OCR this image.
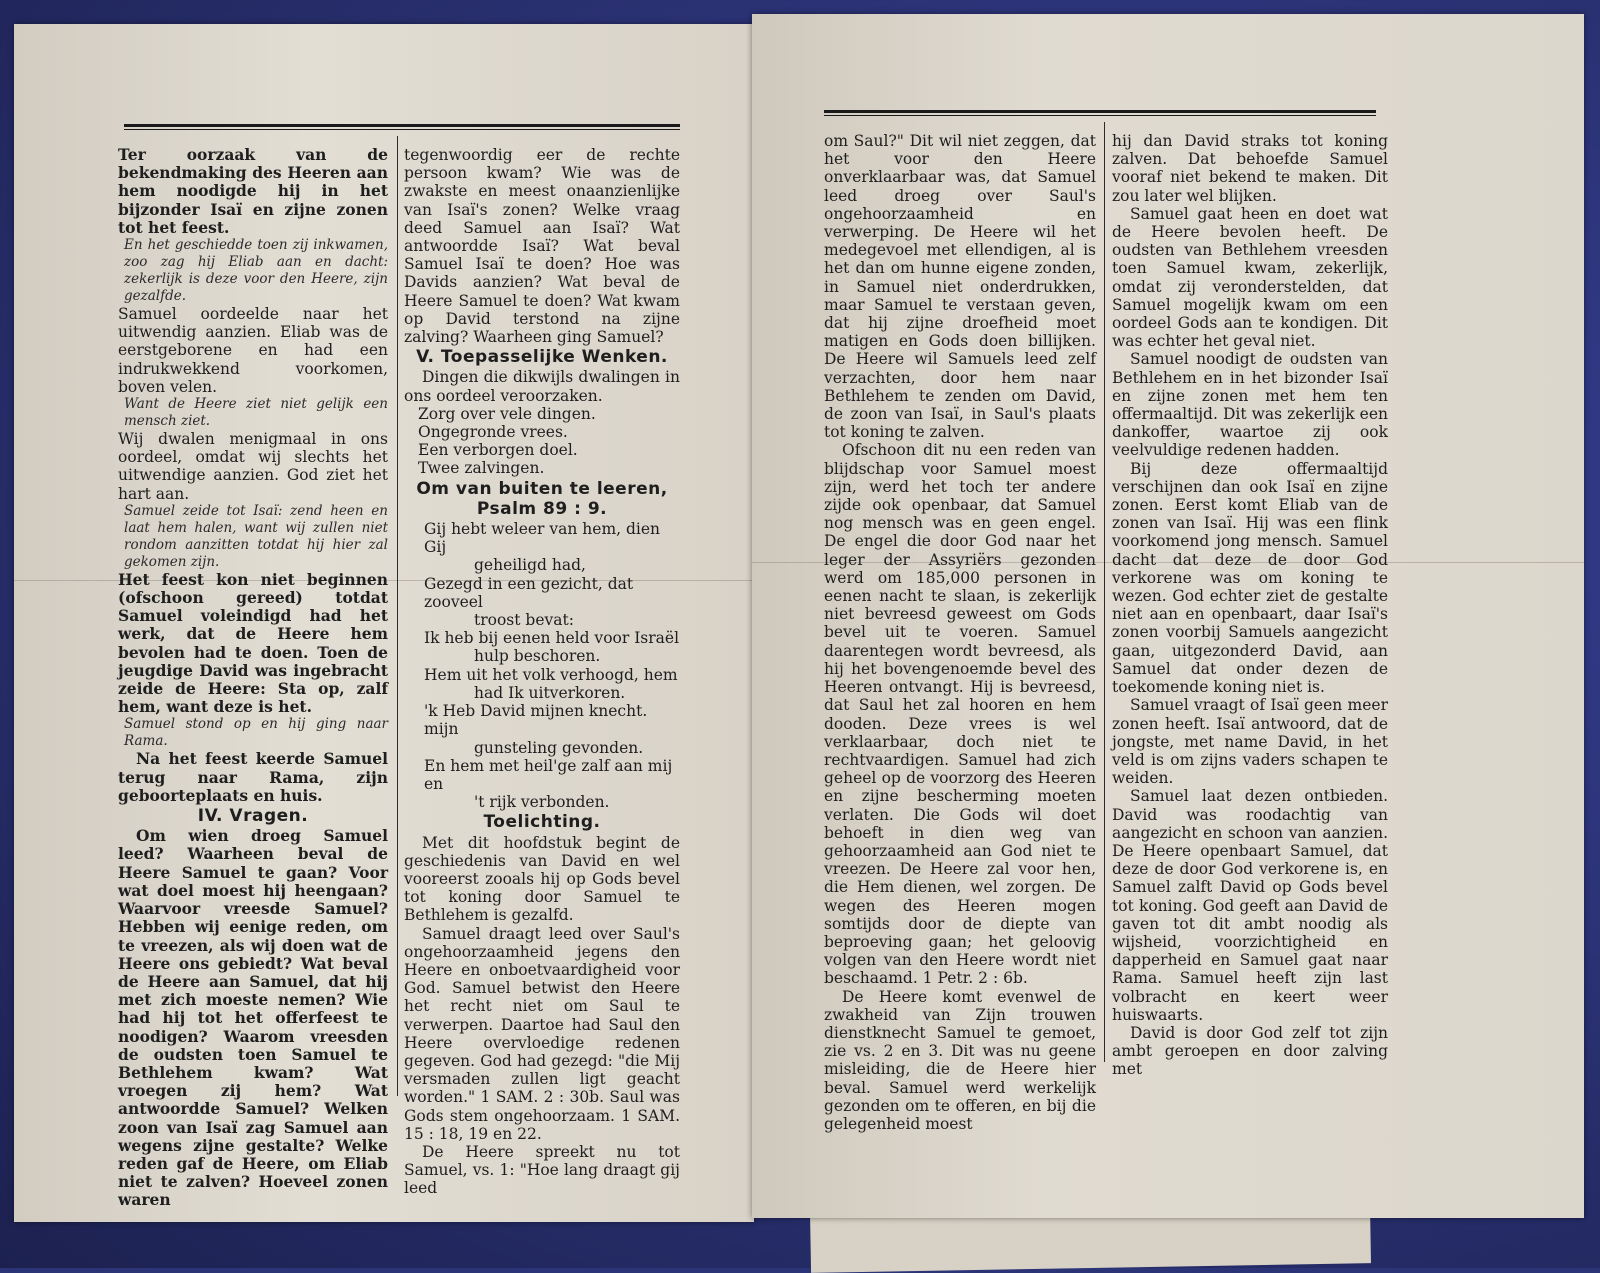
Ter oorzaak van de bekendmaking des Heeren aan hem noodigde hij in het bijzonder Isaï en zijne zonen tot het feest.

En het geschiedde toen zij inkwamen, zoo zag hij Eliab aan en dacht: zekerlijk is deze voor den Heere, zijn gezalfde.

Samuel oordeelde naar het uitwendig aanzien. Eliab was de eerstgeborene en had een indrukwekkend voorkomen, boven velen.

Want de Heere ziet niet gelijk een mensch ziet.

Wij dwalen menigmaal in ons oordeel, omdat wij slechts het uitwendige aanzien. God ziet het hart aan.

Samuel zeide tot Isaï: zend heen en laat hem halen, want wij zullen niet rondom aanzitten totdat hij hier zal gekomen zijn.

Het feest kon niet beginnen (ofschoon gereed) totdat Samuel voleindigd had het werk, dat de Heere hem bevolen had te doen. Toen de jeugdige David was ingebracht zeide de Heere: Sta op, zalf hem, want deze is het.

Samuel stond op en hij ging naar Rama.

Na het feest keerde Samuel terug naar Rama, zijn geboorteplaats en huis.

IV. Vragen.

Om wien droeg Samuel leed? Waarheen beval de Heere Samuel te gaan? Voor wat doel moest hij heengaan? Waarvoor vreesde Samuel? Hebben wij eenige reden, om te vreezen, als wij doen wat de Heere ons gebiedt? Wat beval de Heere aan Samuel, dat hij met zich moeste nemen? Wie had hij tot het offerfeest te noodigen? Waarom vreesden de oudsten toen Samuel te Bethlehem kwam? Wat vroegen zij hem? Wat antwoordde Samuel? Welken zoon van Isaï zag Samuel aan wegens zijne gestalte? Welke reden gaf de Heere, om Eliab niet te zalven? Hoeveel zonen waren

tegenwoordig eer de rechte persoon kwam? Wie was de zwakste en meest onaanzienlijke van Isaï's zonen? Welke vraag deed Samuel aan Isaï? Wat antwoordde Isaï? Wat beval Samuel Isaï te doen? Hoe was Davids aanzien? Wat beval de Heere Samuel te doen? Wat kwam op David terstond na zijne zalving? Waarheen ging Samuel?

V. Toepasselijke Wenken.

Dingen die dikwijls dwalingen in ons oordeel veroorzaken.

Zorg over vele dingen.
Ongegronde vrees.
Een verborgen doel.
Twee zalvingen.
Om van buiten te leeren,
Psalm 89 : 9.
Gij hebt weleer van hem, dien Gij
geheiligd had,
Gezegd in een gezicht, dat zooveel
troost bevat:
Ik heb bij eenen held voor Israël
hulp beschoren.
Hem uit het volk verhoogd, hem
had Ik uitverkoren.
'k Heb David mijnen knecht. mijn
gunsteling gevonden.
En hem met heil'ge zalf aan mij en
't rijk verbonden.
Toelichting.

Met dit hoofdstuk begint de geschiedenis van David en wel vooreerst zooals hij op Gods bevel tot koning door Samuel te Bethlehem is gezalfd.

Samuel draagt leed over Saul's ongehoorzaamheid jegens den Heere en onboetvaardigheid voor God. Samuel betwist den Heere het recht niet om Saul te verwerpen. Daartoe had Saul den Heere overvloedige redenen gegeven. God had gezegd: "die Mij versmaden zullen ligt geacht worden." 1 SAM. 2 : 30b. Saul was Gods stem ongehoorzaam. 1 SAM. 15 : 18, 19 en 22.

De Heere spreekt nu tot Samuel, vs. 1: "Hoe lang draagt gij leed

om Saul?" Dit wil niet zeggen, dat het voor den Heere onverklaarbaar was, dat Samuel leed droeg over Saul's ongehoorzaamheid en verwerping. De Heere wil het medegevoel met ellendigen, al is het dan om hunne eigene zonden, in Samuel niet onderdrukken, maar Samuel te verstaan geven, dat hij zijne droefheid moet matigen en Gods doen billijken. De Heere wil Samuels leed zelf verzachten, door hem naar Bethlehem te zenden om David, de zoon van Isaï, in Saul's plaats tot koning te zalven.

Ofschoon dit nu een reden van blijdschap voor Samuel moest zijn, werd het toch ter andere zijde ook openbaar, dat Samuel nog mensch was en geen engel. De engel die door God naar het leger der Assyriërs gezonden werd om 185,000 personen in eenen nacht te slaan, is zekerlijk niet bevreesd geweest om Gods bevel uit te voeren. Samuel daarentegen wordt bevreesd, als hij het bovengenoemde bevel des Heeren ontvangt. Hij is bevreesd, dat Saul het zal hooren en hem dooden. Deze vrees is wel verklaarbaar, doch niet te rechtvaardigen. Samuel had zich geheel op de voorzorg des Heeren en zijne bescherming moeten verlaten. Die Gods wil doet behoeft in dien weg van gehoorzaamheid aan God niet te vreezen. De Heere zal voor hen, die Hem dienen, wel zorgen. De wegen des Heeren mogen somtijds door de diepte van beproeving gaan; het geloovig volgen van den Heere wordt niet beschaamd. 1 Petr. 2 : 6b.

De Heere komt evenwel de zwakheid van Zijn trouwen dienstknecht Samuel te gemoet, zie vs. 2 en 3. Dit was nu geene misleiding, die de Heere hier beval. Samuel werd werkelijk gezonden om te offeren, en bij die gelegenheid moest

hij dan David straks tot koning zalven. Dat behoefde Samuel vooraf niet bekend te maken. Dit zou later wel blijken.

Samuel gaat heen en doet wat de Heere bevolen heeft. De oudsten van Bethlehem vreesden toen Samuel kwam, zekerlijk, omdat zij veronderstelden, dat Samuel mogelijk kwam om een oordeel Gods aan te kondigen. Dit was echter het geval niet.

Samuel noodigt de oudsten van Bethlehem en in het bizonder Isaï en zijne zonen met hem ten offermaaltijd. Dit was zekerlijk een dankoffer, waartoe zij ook veelvuldige redenen hadden.

Bij deze offermaaltijd verschijnen dan ook Isaï en zijne zonen. Eerst komt Eliab van de zonen van Isaï. Hij was een flink voorkomend jong mensch. Samuel dacht dat deze de door God verkorene was om koning te wezen. God echter ziet de gestalte niet aan en openbaart, daar Isaï's zonen voorbij Samuels aangezicht gaan, uitgezonderd David, aan Samuel dat onder dezen de toekomende koning niet is.

Samuel vraagt of Isaï geen meer zonen heeft. Isaï antwoord, dat de jongste, met name David, in het veld is om zijns vaders schapen te weiden.

Samuel laat dezen ontbieden. David was roodachtig van aangezicht en schoon van aanzien. De Heere openbaart Samuel, dat deze de door God verkorene is, en Samuel zalft David op Gods bevel tot koning. God geeft aan David de gaven tot dit ambt noodig als wijsheid, voorzichtigheid en dapperheid en Samuel gaat naar Rama. Samuel heeft zijn last volbracht en keert weer huiswaarts.

David is door God zelf tot zijn ambt geroepen en door zalving met
